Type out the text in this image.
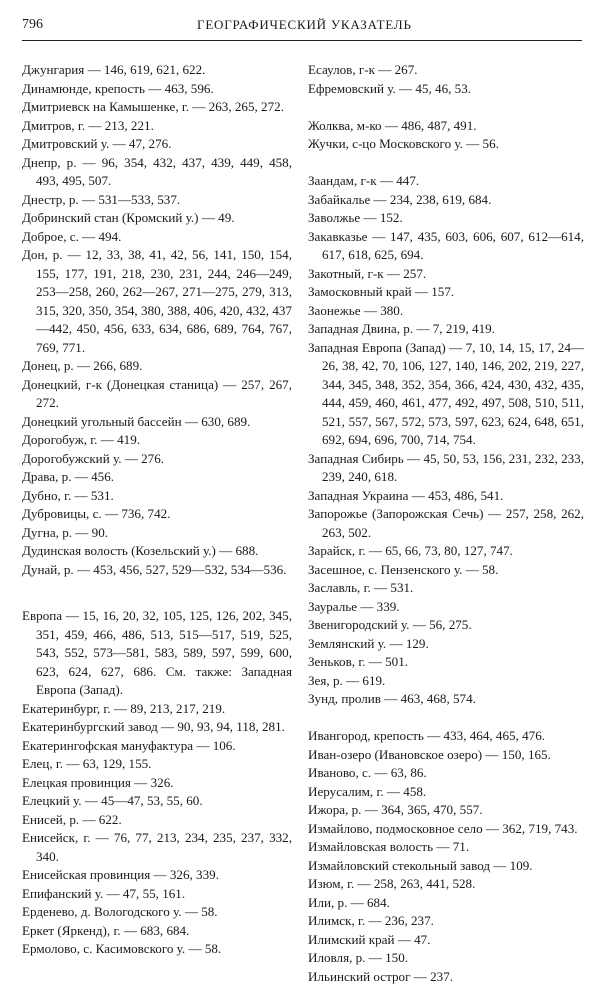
796	ГЕОГРАФИЧЕСКИЙ УКАЗАТЕЛЬ
Джунгария — 146, 619, 621, 622.
Динамюнде, крепость — 463, 596.
Дмитриевск на Камышенке, г. — 263, 265, 272.
Дмитров, г. — 213, 221.
Дмитровский у. — 47, 276.
Днепр, р. — 96, 354, 432, 437, 439, 449, 458, 493, 495, 507.
Днестр, р. — 531—533, 537.
Добринский стан (Кромский у.) — 49.
Доброе, с. — 494.
Дон, р. — 12, 33, 38, 41, 42, 56, 141, 150, 154, 155, 177, 191, 218, 230, 231, 244, 246—249, 253—258, 260, 262—267, 271—275, 279, 313, 315, 320, 350, 354, 380, 388, 406, 420, 432, 437—442, 450, 456, 633, 634, 686, 689, 764, 767, 769, 771.
Донец, р. — 266, 689.
Донецкий, г-к (Донецкая станица) — 257, 267, 272.
Донецкий угольный бассейн — 630, 689.
Дорогобуж, г. — 419.
Дорогобужский у. — 276.
Драва, р. — 456.
Дубно, г. — 531.
Дубровицы, с. — 736, 742.
Дугна, р. — 90.
Дудинская волость (Козельский у.) — 688.
Дунай, р. — 453, 456, 527, 529—532, 534—536.
Европа — 15, 16, 20, 32, 105, 125, 126, 202, 345, 351, 459, 466, 486, 513, 515—517, 519, 525, 543, 552, 573—581, 583, 589, 597, 599, 600, 623, 624, 627, 686. См. также: Западная Европа (Запад).
Екатеринбург, г. — 89, 213, 217, 219.
Екатеринбургский завод — 90, 93, 94, 118, 281.
Екатерингофская мануфактура — 106.
Елец, г. — 63, 129, 155.
Елецкая провинция — 326.
Елецкий у. — 45—47, 53, 55, 60.
Енисей, р. — 622.
Енисейск, г. — 76, 77, 213, 234, 235, 237, 332, 340.
Енисейская провинция — 326, 339.
Епифанский у. — 47, 55, 161.
Ерденево, д. Вологодского у. — 58.
Еркет (Яркенд), г. — 683, 684.
Ермолово, с. Касимовского у. — 58.
Есаулов, г-к — 267.
Ефремовский у. — 45, 46, 53.
Жолква, м-ко — 486, 487, 491.
Жучки, с-цо Московского у. — 56.
Заандам, г-к — 447.
Забайкалье — 234, 238, 619, 684.
Заволжье — 152.
Закавказье — 147, 435, 603, 606, 607, 612—614, 617, 618, 625, 694.
Закотный, г-к — 257.
Замосковный край — 157.
Заонежье — 380.
Западная Двина, р. — 7, 219, 419.
Западная Европа (Запад) — 7, 10, 14, 15, 17, 24—26, 38, 42, 70, 106, 127, 140, 146, 202, 219, 227, 344, 345, 348, 352, 354, 366, 424, 430, 432, 435, 444, 459, 460, 461, 477, 492, 497, 508, 510, 511, 521, 557, 567, 572, 573, 597, 623, 624, 648, 651, 692, 694, 696, 700, 714, 754.
Западная Сибирь — 45, 50, 53, 156, 231, 232, 233, 239, 240, 618.
Западная Украина — 453, 486, 541.
Запорожье (Запорожская Сечь) — 257, 258, 262, 263, 502.
Зарайск, г. — 65, 66, 73, 80, 127, 747.
Засешное, с. Пензенского у. — 58.
Заславль, г. — 531.
Зауралье — 339.
Звенигородский у. — 56, 275.
Землянский у. — 129.
Зеньков, г. — 501.
Зея, р. — 619.
Зунд, пролив — 463, 468, 574.
Ивангород, крепость — 433, 464, 465, 476.
Иван-озеро (Ивановское озеро) — 150, 165.
Иваново, с. — 63, 86.
Иерусалим, г. — 458.
Ижора, р. — 364, 365, 470, 557.
Измайлово, подмосковное село — 362, 719, 743.
Измайловская волость — 71.
Измайловский стекольный завод — 109.
Изюм, г. — 258, 263, 441, 528.
Или, р. — 684.
Илимск, г. — 236, 237.
Илимский край — 47.
Иловля, р. — 150.
Ильинский острог — 237.
